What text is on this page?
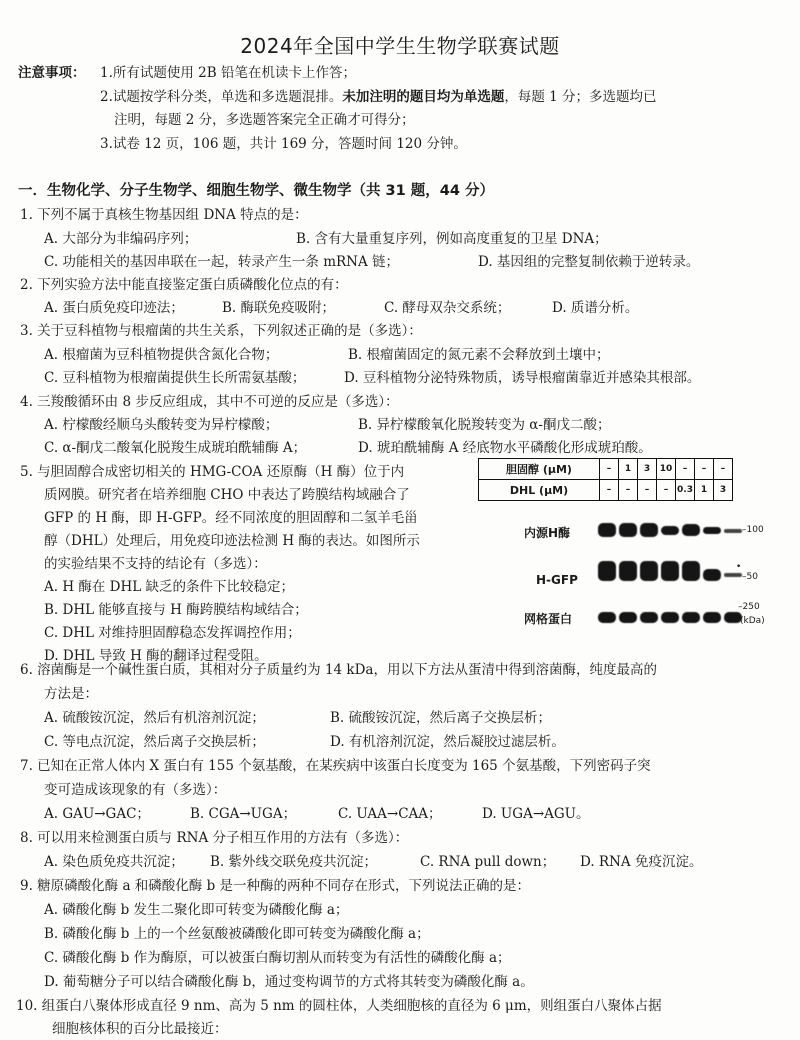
2024年全国中学生生物学联赛试题
注意事项： 1.所有试题使用 2B 铅笔在机读卡上作答；
2.试题按学科分类，单选和多选题混排。未加注明的题目均为单选题，每题 1 分；多选题均已
注明，每题 2 分，多选题答案完全正确才可得分；
3.试卷 12 页，106 题，共计 169 分，答题时间 120 分钟。
一．生物化学、分子生物学、细胞生物学、微生物学（共 31 题，44 分）
1. 下列不属于真核生物基因组 DNA 特点的是：
A. 大部分为非编码序列；	B. 含有大量重复序列，例如高度重复的卫星 DNA；
C. 功能相关的基因串联在一起，转录产生一条 mRNA 链；	D. 基因组的完整复制依赖于逆转录。
2. 下列实验方法中能直接鉴定蛋白质磷酸化位点的有：
A. 蛋白质免疫印迹法；	B. 酶联免疫吸附；	C. 酵母双杂交系统；	D. 质谱分析。
3. 关于豆科植物与根瘤菌的共生关系，下列叙述正确的是（多选）：
A. 根瘤菌为豆科植物提供含氮化合物；	B. 根瘤菌固定的氮元素不会释放到土壤中；
C. 豆科植物为根瘤菌提供生长所需氨基酸；	D. 豆科植物分泌特殊物质，诱导根瘤菌靠近并感染其根部。
4. 三羧酸循环由 8 步反应组成，其中不可逆的反应是（多选）：
A. 柠檬酸经顺乌头酸转变为异柠檬酸；	B. 异柠檬酸氧化脱羧转变为 α-酮戊二酸；
C. α-酮戊二酸氧化脱羧生成琥珀酰辅酶 A；	D. 琥珀酰辅酶 A 经底物水平磷酸化形成琥珀酸。
5. 与胆固醇合成密切相关的 HMG-COA 还原酶（H 酶）位于内
质网膜。研究者在培养细胞 CHO 中表达了跨膜结构域融合了
GFP 的 H 酶，即 H-GFP。经不同浓度的胆固醇和二氢羊毛甾
醇（DHL）处理后，用免疫印迹法检测 H 酶的表达。如图所示
的实验结果不支持的结论有（多选）：
A. H 酶在 DHL 缺乏的条件下比较稳定；
B. DHL 能够直接与 H 酶跨膜结构域结合；
C. DHL 对维持胆固醇稳态发挥调控作用；
D. DHL 导致 H 酶的翻译过程受阻。
胆固醇 (μM)	–	1	3	10	–	–	–
DHL (μM)	–	–	–	–	0.3	1	3
内源H酶	–100
H-GFP
•
–50
网格蛋白
–250
(kDa)
6. 溶菌酶是一个碱性蛋白质，其相对分子质量约为 14 kDa，用以下方法从蛋清中得到溶菌酶，纯度最高的
方法是：
A. 硫酸铵沉淀，然后有机溶剂沉淀；	B. 硫酸铵沉淀，然后离子交换层析；
C. 等电点沉淀，然后离子交换层析；	D. 有机溶剂沉淀，然后凝胶过滤层析。
7. 已知在正常人体内 X 蛋白有 155 个氨基酸，在某疾病中该蛋白长度变为 165 个氨基酸，下列密码子突
变可造成该现象的有（多选）：
A. GAU→GAC；	B. CGA→UGA；	C. UAA→CAA；	D. UGA→AGU。
8. 可以用来检测蛋白质与 RNA 分子相互作用的方法有（多选）：
A. 染色质免疫共沉淀； B. 紫外线交联免疫共沉淀；	C. RNA pull down； D. RNA 免疫沉淀。
9. 糖原磷酸化酶 a 和磷酸化酶 b 是一种酶的两种不同存在形式，下列说法正确的是：
A. 磷酸化酶 b 发生二聚化即可转变为磷酸化酶 a；
B. 磷酸化酶 b 上的一个丝氨酸被磷酸化即可转变为磷酸化酶 a；
C. 磷酸化酶 b 作为酶原，可以被蛋白酶切割从而转变为有活性的磷酸化酶 a；
D. 葡萄糖分子可以结合磷酸化酶 b，通过变构调节的方式将其转变为磷酸化酶 a。
10. 组蛋白八聚体形成直径 9 nm、高为 5 nm 的圆柱体，人类细胞核的直径为 6 μm，则组蛋白八聚体占据
细胞核体积的百分比最接近：
